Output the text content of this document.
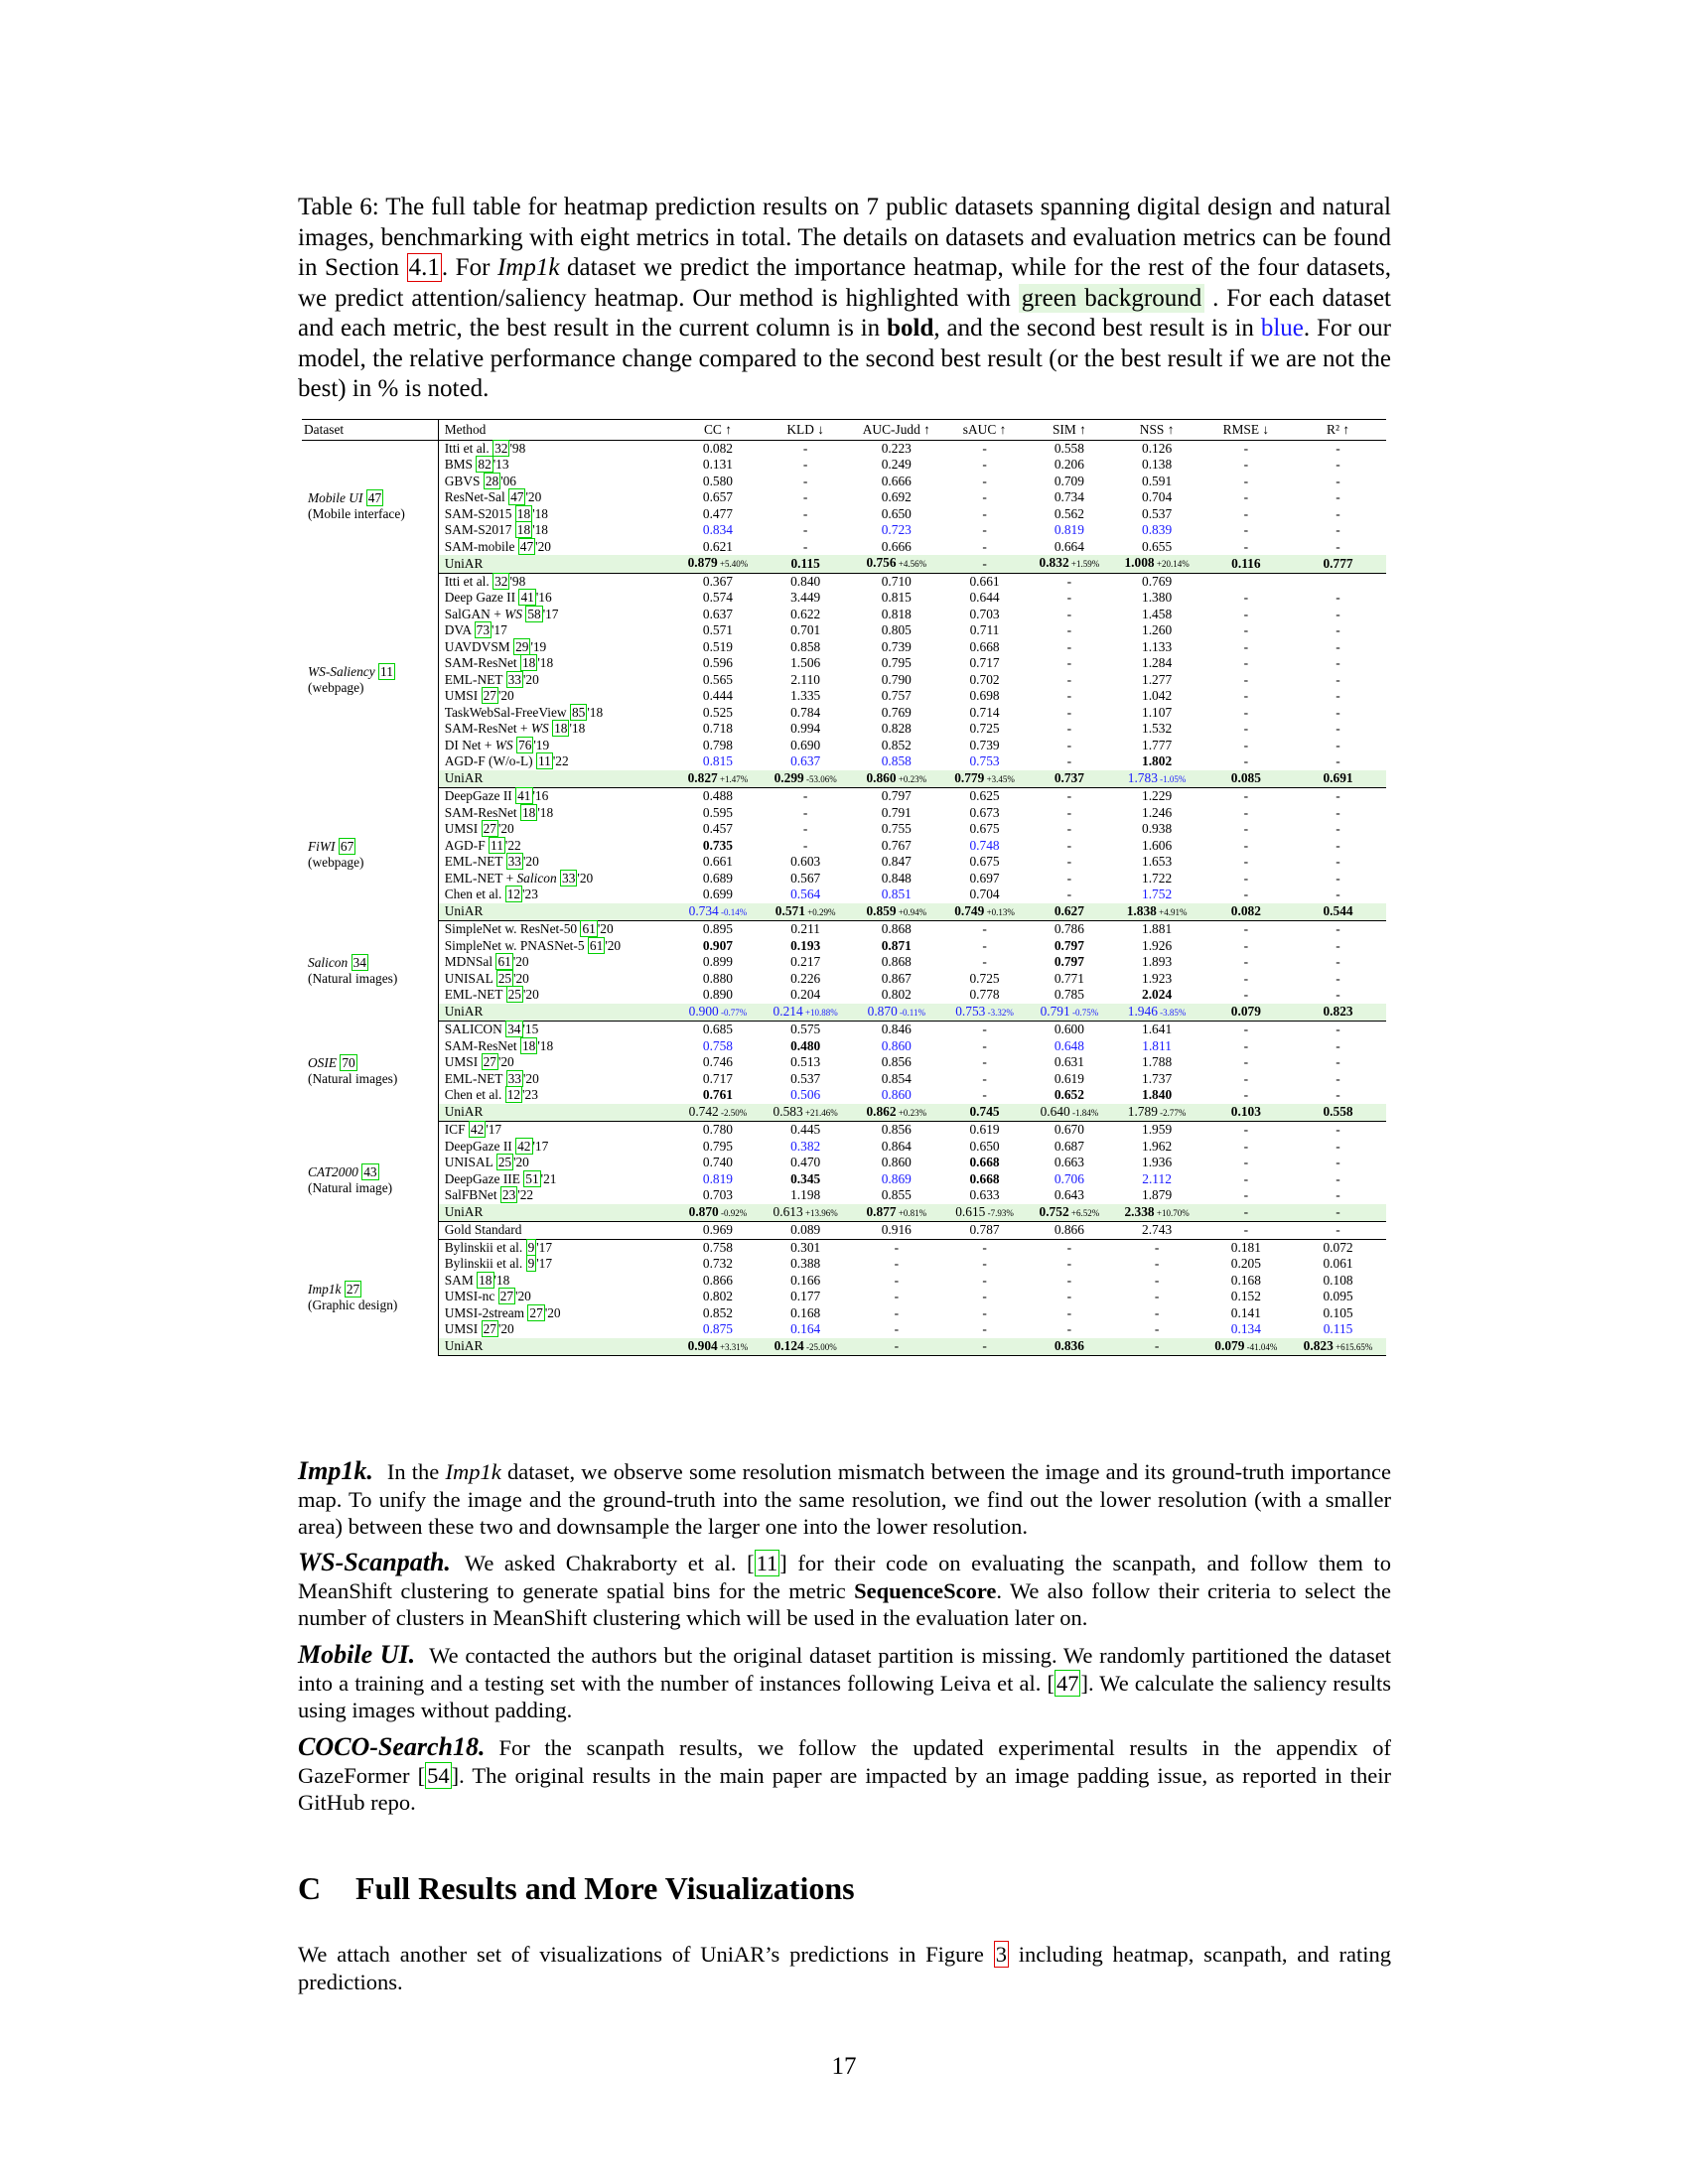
Table 6: The full table for heatmap prediction results on 7 public datasets spanning digital design and natural images, benchmarking with eight metrics in total. The details on datasets and evaluation metrics can be found in Section 4.1. For Imp1k dataset we predict the importance heatmap, while for the rest of the four datasets, we predict attention/saliency heatmap. Our method is highlighted with green background . For each dataset and each metric, the best result in the current column is in bold, and the second best result is in blue. For our model, the relative performance change compared to the second best result (or the best result if we are not the best) in % is noted.
Dataset	Method	CC ↑	KLD ↓	AUC-Judd ↑	sAUC ↑	SIM ↑	NSS ↑	RMSE ↓	R² ↑
Mobile UI 47
(Mobile interface)	Itti et al. 32 '98	0.082	-	0.223	-	0.558	0.126	-	-
	BMS 82 '13	0.131	-	0.249	-	0.206	0.138	-	-
	GBVS 28 '06	0.580	-	0.666	-	0.709	0.591	-	-
	ResNet-Sal 47 '20	0.657	-	0.692	-	0.734	0.704	-	-
	SAM-S2015 18 '18	0.477	-	0.650	-	0.562	0.537	-	-
	SAM-S2017 18 '18	0.834	-	0.723	-	0.819	0.839	-	-
	SAM-mobile 47 '20	0.621	-	0.666	-	0.664	0.655	-	-
	UniAR	0.879 +5.40%	0.115	0.756 +4.56%	-	0.832 +1.59%	1.008 +20.14%	0.116	0.777
WS-Saliency 11
(webpage)	Itti et al. 32 '98	0.367	0.840	0.710	0.661	-	0.769		
	Deep Gaze II 41 '16	0.574	3.449	0.815	0.644	-	1.380	-	-
	SalGAN + WS 58 '17	0.637	0.622	0.818	0.703	-	1.458	-	-
	DVA 73 '17	0.571	0.701	0.805	0.711	-	1.260	-	-
	UAVDVSM 29 '19	0.519	0.858	0.739	0.668	-	1.133	-	-
	SAM-ResNet 18 '18	0.596	1.506	0.795	0.717	-	1.284	-	-
	EML-NET 33 '20	0.565	2.110	0.790	0.702	-	1.277	-	-
	UMSI 27 '20	0.444	1.335	0.757	0.698	-	1.042	-	-
	TaskWebSal-FreeView 85 '18	0.525	0.784	0.769	0.714	-	1.107	-	-
	SAM-ResNet + WS 18 '18	0.718	0.994	0.828	0.725	-	1.532	-	-
	DI Net + WS 76 '19	0.798	0.690	0.852	0.739	-	1.777	-	-
	AGD-F (W/o-L) 11 '22	0.815	0.637	0.858	0.753	-	1.802	-	-
	UniAR	0.827 +1.47%	0.299 -53.06%	0.860 +0.23%	0.779 +3.45%	0.737	1.783 -1.05%	0.085	0.691
FiWI 67
(webpage)	DeepGaze II 41 '16	0.488	-	0.797	0.625	-	1.229	-	-
	SAM-ResNet 18 '18	0.595	-	0.791	0.673	-	1.246	-	-
	UMSI 27 '20	0.457	-	0.755	0.675	-	0.938	-	-
	AGD-F 11 '22	0.735	-	0.767	0.748	-	1.606	-	-
	EML-NET 33 '20	0.661	0.603	0.847	0.675	-	1.653	-	-
	EML-NET + Salicon 33 '20	0.689	0.567	0.848	0.697	-	1.722	-	-
	Chen et al. 12 '23	0.699	0.564	0.851	0.704	-	1.752	-	-
	UniAR	0.734 -0.14%	0.571 +0.29%	0.859 +0.94%	0.749 +0.13%	0.627	1.838 +4.91%	0.082	0.544
Salicon 34
(Natural images)	SimpleNet w. ResNet-50 61 '20	0.895	0.211	0.868	-	0.786	1.881	-	-
	SimpleNet w. PNASNet-5 61 '20	0.907	0.193	0.871	-	0.797	1.926	-	-
	MDNSal 61 '20	0.899	0.217	0.868	-	0.797	1.893	-	-
	UNISAL 25 '20	0.880	0.226	0.867	0.725	0.771	1.923	-	-
	EML-NET 25 '20	0.890	0.204	0.802	0.778	0.785	2.024	-	-
	UniAR	0.900 -0.77%	0.214 +10.88%	0.870 -0.11%	0.753 -3.32%	0.791 -0.75%	1.946 -3.85%	0.079	0.823
OSIE 70
(Natural images)	SALICON 34 '15	0.685	0.575	0.846	-	0.600	1.641	-	-
	SAM-ResNet 18 '18	0.758	0.480	0.860	-	0.648	1.811	-	-
	UMSI 27 '20	0.746	0.513	0.856	-	0.631	1.788	-	-
	EML-NET 33 '20	0.717	0.537	0.854	-	0.619	1.737	-	-
	Chen et al. 12 '23	0.761	0.506	0.860	-	0.652	1.840	-	-
	UniAR	0.742 -2.50%	0.583 +21.46%	0.862 +0.23%	0.745	0.640 -1.84%	1.789 -2.77%	0.103	0.558
CAT2000 43
(Natural image)	ICF 42 '17	0.780	0.445	0.856	0.619	0.670	1.959	-	-
	DeepGaze II 42 '17	0.795	0.382	0.864	0.650	0.687	1.962	-	-
	UNISAL 25 '20	0.740	0.470	0.860	0.668	0.663	1.936	-	-
	DeepGaze IIE 51 '21	0.819	0.345	0.869	0.668	0.706	2.112	-	-
	SalFBNet 23 '22	0.703	1.198	0.855	0.633	0.643	1.879	-	-
	UniAR	0.870 -0.92%	0.613 +13.96%	0.877 +0.81%	0.615 -7.93%	0.752 +6.52%	2.338 +10.70%	-	-
	Gold Standard	0.969	0.089	0.916	0.787	0.866	2.743	-	-
Imp1k 27
(Graphic design)	Bylinskii et al. 9 '17	0.758	0.301	-	-	-	-	0.181	0.072
	Bylinskii et al. 9 '17	0.732	0.388	-	-	-	-	0.205	0.061
	SAM 18 '18	0.866	0.166	-	-	-	-	0.168	0.108
	UMSI-nc 27 '20	0.802	0.177	-	-	-	-	0.152	0.095
	UMSI-2stream 27 '20	0.852	0.168	-	-	-	-	0.141	0.105
	UMSI 27 '20	0.875	0.164	-	-	-	-	0.134	0.115
	UniAR	0.904 +3.31%	0.124 -25.00%	-	-	0.836	-	0.079 -41.04%	0.823 +615.65%
Imp1k. In the Imp1k dataset, we observe some resolution mismatch between the image and its ground-truth importance map. To unify the image and the ground-truth into the same resolution, we find out the lower resolution (with a smaller area) between these two and downsample the larger one into the lower resolution.
WS-Scanpath. We asked Chakraborty et al. [11] for their code on evaluating the scanpath, and follow them to MeanShift clustering to generate spatial bins for the metric SequenceScore. We also follow their criteria to select the number of clusters in MeanShift clustering which will be used in the evaluation later on.
Mobile UI. We contacted the authors but the original dataset partition is missing. We randomly partitioned the dataset into a training and a testing set with the number of instances following Leiva et al. [47]. We calculate the saliency results using images without padding.
COCO-Search18. For the scanpath results, we follow the updated experimental results in the appendix of GazeFormer [54]. The original results in the main paper are impacted by an image padding issue, as reported in their GitHub repo.
C Full Results and More Visualizations
We attach another set of visualizations of UniAR’s predictions in Figure 3 including heatmap, scanpath, and rating predictions.
17
